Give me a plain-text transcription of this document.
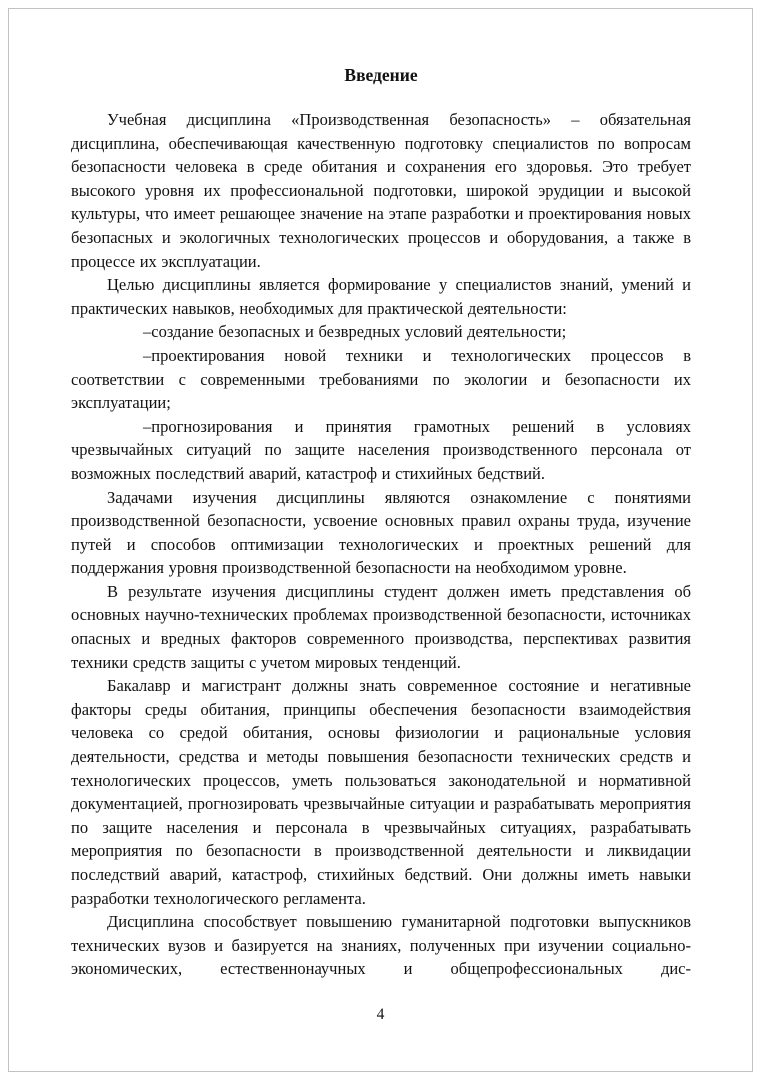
Введение

Учебная дисциплина «Производственная безопасность» – обязательная дисциплина, обеспечивающая качественную подготовку специалистов по вопросам безопасности человека в среде обитания и сохранения его здоровья. Это требует высокого уровня их профессиональной подготовки, широкой эрудиции и высокой культуры, что имеет решающее значение на этапе разработки и проектирования новых безопасных и экологичных технологических процессов и оборудования, а также в процессе их эксплуатации.

Целью дисциплины является формирование у специалистов знаний, умений и практических навыков, необходимых для практической деятельности:

–создание безопасных и безвредных условий деятельности;

–проектирования новой техники и технологических процессов в соответствии с современными требованиями по экологии и безопасности их эксплуатации;

–прогнозирования и принятия грамотных решений в условиях чрезвычайных ситуаций по защите населения производственного персонала от возможных последствий аварий, катастроф и стихийных бедствий.

Задачами изучения дисциплины являются ознакомление с понятиями производственной безопасности, усвоение основных правил охраны труда, изучение путей и способов оптимизации технологических и проектных решений для поддержания уровня производственной безопасности на необходимом уровне.

В результате изучения дисциплины студент должен иметь представления об основных научно-технических проблемах производственной безопасности, источниках опасных и вредных факторов современного производства, перспективах развития техники средств защиты с учетом мировых тенденций.

Бакалавр и магистрант должны знать современное состояние и негативные факторы среды обитания, принципы обеспечения безопасности взаимодействия человека со средой обитания, основы физиологии и рациональные условия деятельности, средства и методы повышения безопасности технических средств и технологических процессов, уметь пользоваться законодательной и нормативной документацией, прогнозировать чрезвычайные ситуации и разрабатывать мероприятия по защите населения и персонала в чрезвычайных ситуациях, разрабатывать мероприятия по безопасности в производственной деятельности и ликвидации последствий аварий, катастроф, стихийных бедствий. Они должны иметь навыки разработки технологического регламента.

Дисциплина способствует повышению гуманитарной подготовки выпускников технических вузов и базируется на знаниях, полученных при изучении социально-экономических, естественнонаучных и общепрофессиональных дис-

4
